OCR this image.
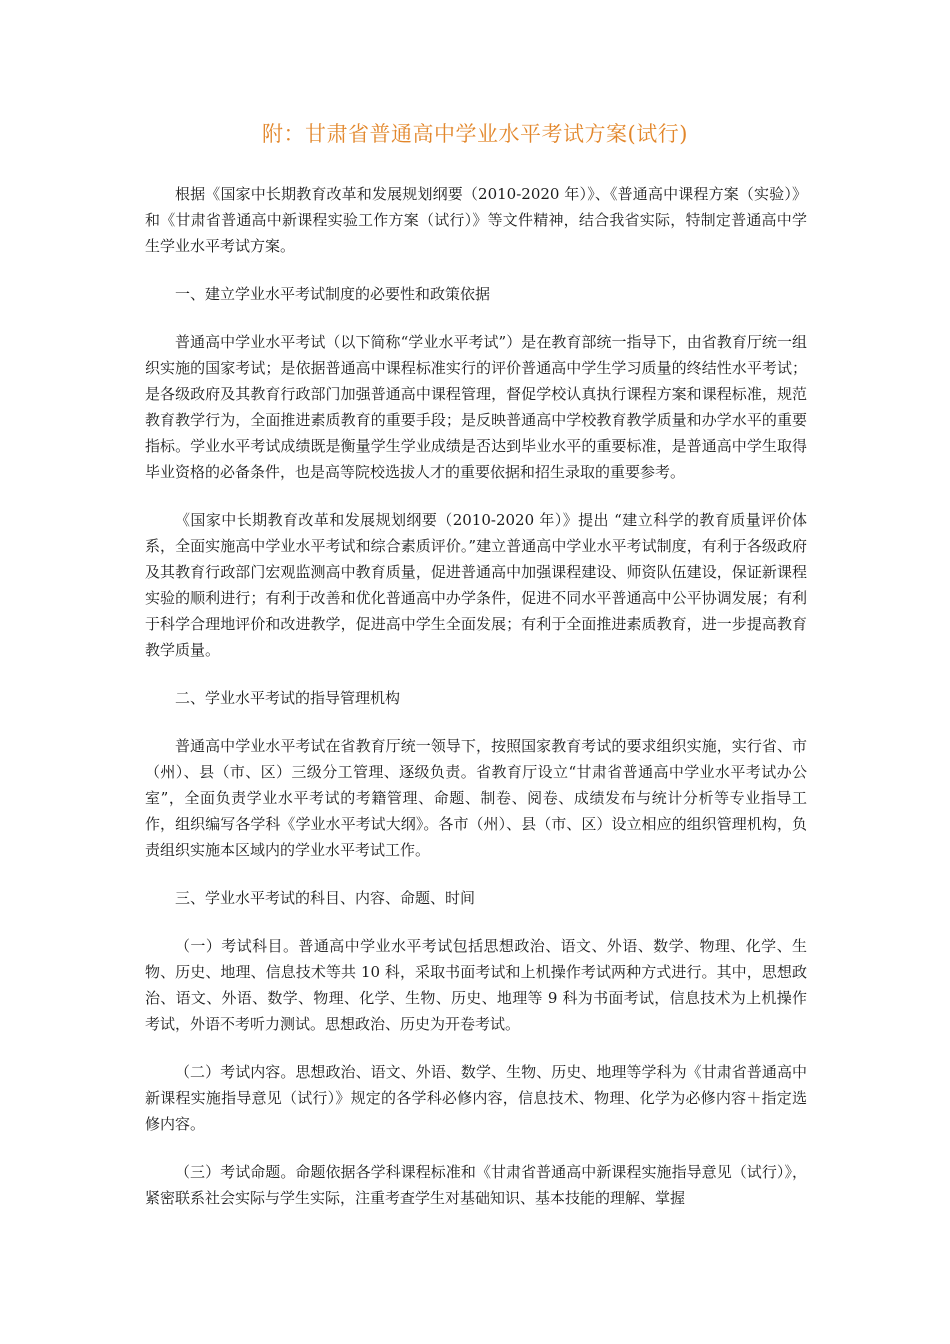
附：甘肃省普通高中学业水平考试方案(试行)

根据《国家中长期教育改革和发展规划纲要（2010-2020 年）》、《普通高中课程方案（实验）》和《甘肃省普通高中新课程实验工作方案（试行）》等文件精神，结合我省实际，特制定普通高中学生学业水平考试方案。

一、建立学业水平考试制度的必要性和政策依据

普通高中学业水平考试（以下简称“学业水平考试”）是在教育部统一指导下，由省教育厅统一组织实施的国家考试；是依据普通高中课程标准实行的评价普通高中学生学习质量的终结性水平考试；是各级政府及其教育行政部门加强普通高中课程管理，督促学校认真执行课程方案和课程标准，规范教育教学行为，全面推进素质教育的重要手段；是反映普通高中学校教育教学质量和办学水平的重要指标。学业水平考试成绩既是衡量学生学业成绩是否达到毕业水平的重要标准，是普通高中学生取得毕业资格的必备条件，也是高等院校选拔人才的重要依据和招生录取的重要参考。

《国家中长期教育改革和发展规划纲要（2010-2020 年）》提出 “建立科学的教育质量评价体系，全面实施高中学业水平考试和综合素质评价。”建立普通高中学业水平考试制度，有利于各级政府及其教育行政部门宏观监测高中教育质量，促进普通高中加强课程建设、师资队伍建设，保证新课程实验的顺利进行；有利于改善和优化普通高中办学条件，促进不同水平普通高中公平协调发展；有利于科学合理地评价和改进教学，促进高中学生全面发展；有利于全面推进素质教育，进一步提高教育教学质量。

二、学业水平考试的指导管理机构

普通高中学业水平考试在省教育厅统一领导下，按照国家教育考试的要求组织实施，实行省、市（州）、县（市、区）三级分工管理、逐级负责。省教育厅设立“甘肃省普通高中学业水平考试办公室”，全面负责学业水平考试的考籍管理、命题、制卷、阅卷、成绩发布与统计分析等专业指导工作，组织编写各学科《学业水平考试大纲》。各市（州）、县（市、区）设立相应的组织管理机构，负责组织实施本区域内的学业水平考试工作。

三、学业水平考试的科目、内容、命题、时间

（一）考试科目。普通高中学业水平考试包括思想政治、语文、外语、数学、物理、化学、生物、历史、地理、信息技术等共 10 科，采取书面考试和上机操作考试两种方式进行。其中，思想政治、语文、外语、数学、物理、化学、生物、历史、地理等 9 科为书面考试，信息技术为上机操作考试，外语不考听力测试。思想政治、历史为开卷考试。

（二）考试内容。思想政治、语文、外语、数学、生物、历史、地理等学科为《甘肃省普通高中新课程实施指导意见（试行）》规定的各学科必修内容，信息技术、物理、化学为必修内容＋指定选修内容。

（三）考试命题。命题依据各学科课程标准和《甘肃省普通高中新课程实施指导意见（试行）》，紧密联系社会实际与学生实际，注重考查学生对基础知识、基本技能的理解、掌握
